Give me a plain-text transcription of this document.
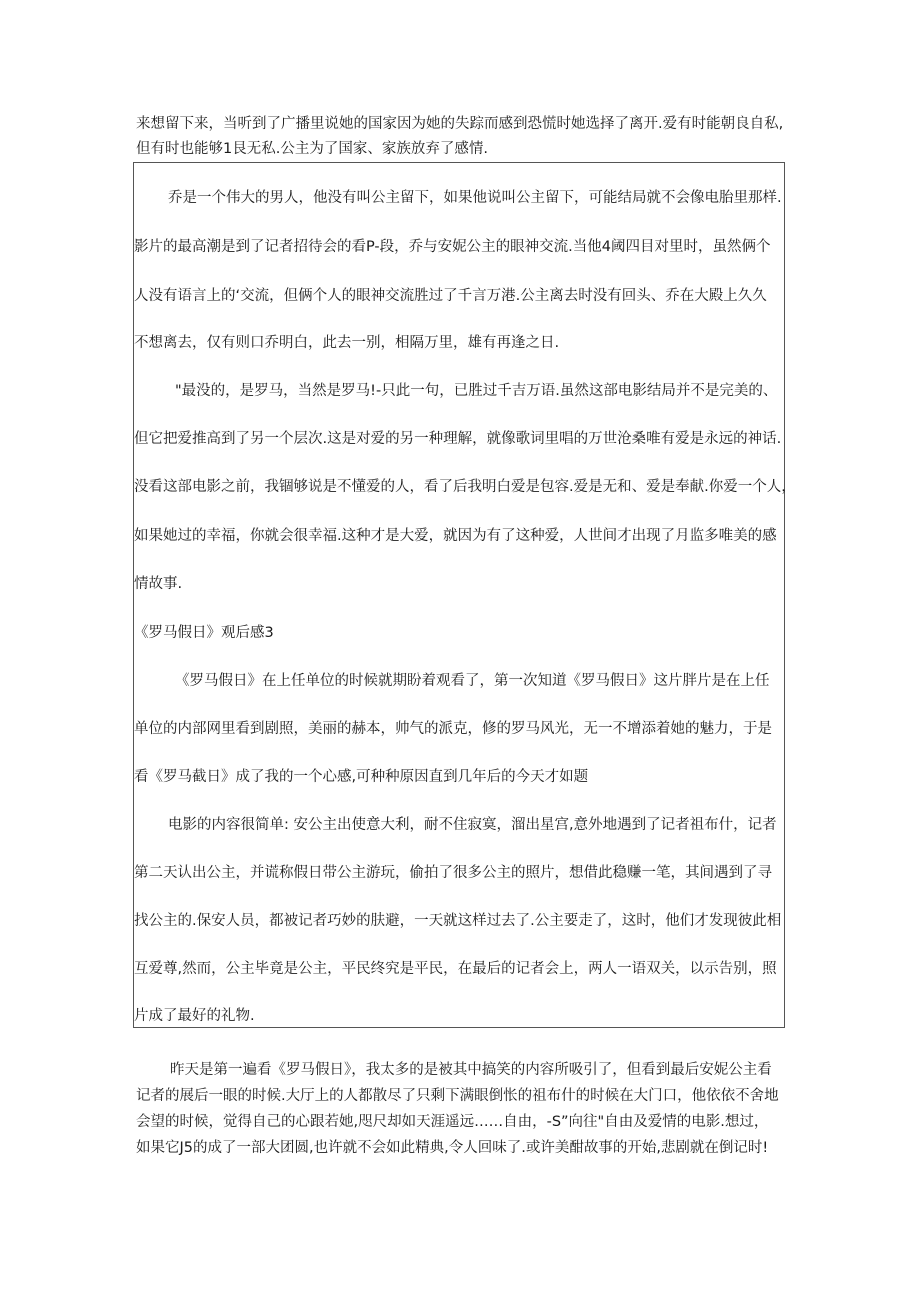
来想留下来，当听到了广播里说她的国家因为她的失踪而感到恐慌时她选择了离开.爱有时能朝良自私,

但有时也能够1艮无私.公主为了国家、家族放弃了感情.

乔是一个伟大的男人，他没有叫公主留下，如果他说叫公主留下，可能结局就不会像电胎里那样.
影片的最高潮是到了记者招待会的看P-段，乔与安妮公主的眼神交流.当他4阈四目对里时，虽然俩个
人没有语言上的‘交流，但俩个人的眼神交流胜过了千言万港.公主离去时没有回头、乔在大殿上久久
不想离去，仅有则口乔明白，此去一别，相隔万里，雄有再逢之日.
"最没的，是罗马，当然是罗马!-只此一句，已胜过千吉万语.虽然这部电影结局并不是完美的、
但它把爱推高到了另一个层次.这是对爱的另一种理解，就像歌词里唱的万世沧桑唯有爱是永远的神话.
没看这部电影之前，我锢够说是不懂爱的人，看了后我明白爱是包容.爱是无和、爱是奉献.你爱一个人，
如果她过的幸福，你就会很幸福.这种才是大爱，就因为有了这种爱，人世间才出现了月监多唯美的感
情故事.
《罗马假日》观后感3
《罗马假日》在上任单位的时候就期盼着观看了，第一次知道《罗马假日》这片胖片是在上任
单位的内部网里看到剧照，美丽的赫本，帅气的派克，修的罗马风光，无一不增添着她的魅力，于是
看《罗马截日》成了我的一个心感,可种种原因直到几年后的今天才如题
电影的内容很简单: 安公主出使意大利，耐不住寂寞，溜出星宫,意外地遇到了记者祖布什，记者
第二天认出公主，并谎称假日带公主游玩，偷拍了很多公主的照片，想借此稳赚一笔，其间遇到了寻
找公主的.保安人员，都被记者巧妙的肤避，一天就这样过去了.公主要走了，这时，他们才发现彼此相
互爱尊,然而，公主毕竟是公主，平民终究是平民，在最后的记者会上，两人一语双关，以示告别，照
片成了最好的礼物.

昨天是第一遍看《罗马假日》，我太多的是被其中搞笑的内容所吸引了，但看到最后安妮公主看

记者的展后一眼的时候.大厅上的人都散尽了只剩下满眼倒怅的祖布什的时候在大门口，他依依不舍地

会望的时候，觉得自己的心跟若她,咫尺却如天涯遥远……自由，-S”向往"自由及爱情的电影.想过，

如果它J5的成了一部大团圆,也许就不会如此精典,令人回味了.或许美酣故事的开始,悲剧就在倒记时!
